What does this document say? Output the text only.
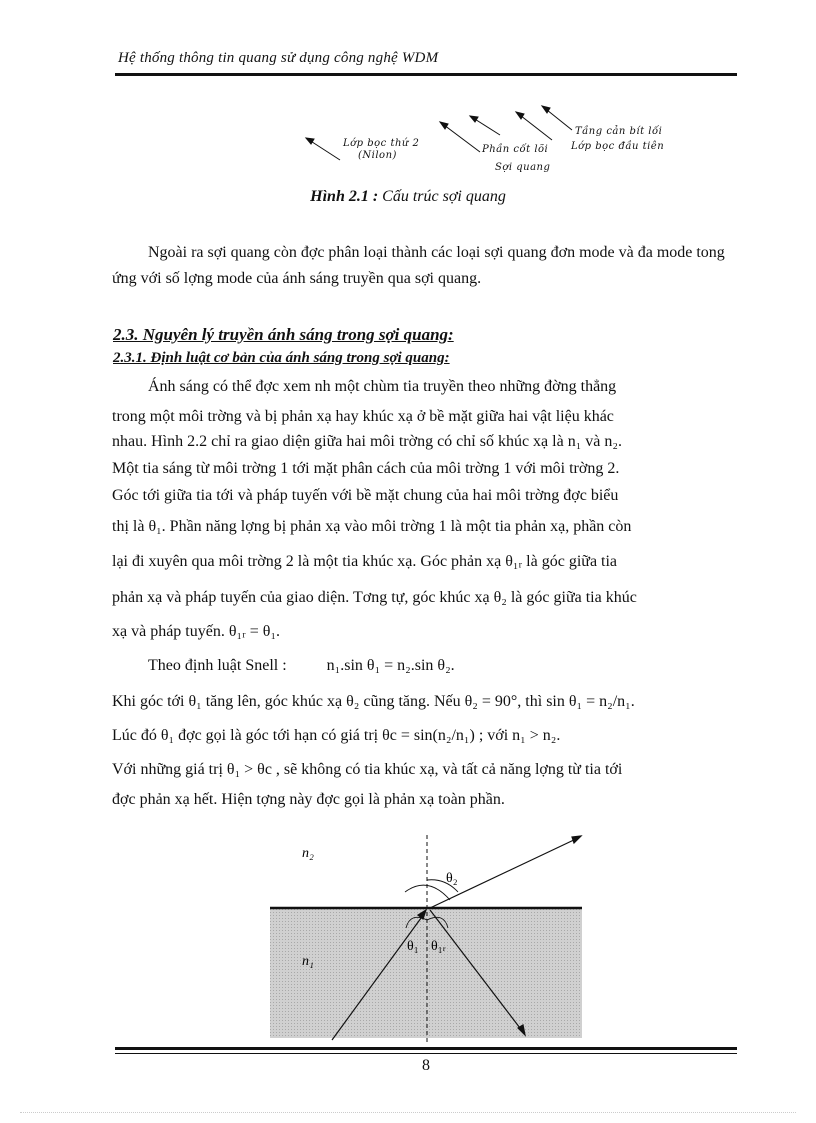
Hệ thống thông tin quang sử dụng công nghệ WDM
Lớp bọc thứ 2
(Nilon)
Phần cốt lõi
Sợi quang
Tầng cản bít lối
Lớp bọc đầu tiên
Hình 2.1 : Cấu trúc sợi quang
Ngoài ra sợi quang còn đợc phân loại thành các loại sợi quang đơn mode và đa mode tong ứng với số lợng mode của ánh sáng truyền qua sợi quang.
2.3. Nguyên lý truyền ánh sáng trong sợi quang:
2.3.1. Định luật cơ bản của ánh sáng trong sợi quang:
Ánh sáng có thể đợc xem nh một chùm tia truyền theo những đờng thẳng
trong một môi trờng và bị phản xạ hay khúc xạ ở bề mặt giữa hai vật liệu khác
nhau. Hình 2.2 chỉ ra giao diện giữa hai môi trờng có chỉ số khúc xạ là n₁ và n₂.
Một tia sáng từ môi trờng 1 tới mặt phân cách của môi trờng 1 với môi trờng 2.
Góc tới giữa tia tới và pháp tuyến với bề mặt chung của hai môi trờng đợc biểu
thị là θ₁. Phần năng lợng bị phản xạ vào môi trờng 1 là một tia phản xạ, phần còn
lại đi xuyên qua môi trờng 2 là một tia khúc xạ. Góc phản xạ θ₁ᵣ là góc giữa tia
phản xạ và pháp tuyến của giao diện. Tơng tự, góc khúc xạ θ₂ là góc giữa tia khúc
xạ và pháp tuyến. θ₁ᵣ = θ₁.
Theo định luật Snell :          n₁.sin θ₁ = n₂.sin θ₂.
Khi góc tới θ₁ tăng lên, góc khúc xạ θ₂ cũng tăng. Nếu θ₂ = 90°, thì sin θ₁ = n₂/n₁.
Lúc đó θ₁ đợc gọi là góc tới hạn có giá trị θc = sin(n₂/n₁) ; với n₁ > n₂.
Với những giá trị θ₁ > θc , sẽ không có tia khúc xạ, và tất cả năng lợng từ tia tới
đợc phản xạ hết. Hiện tợng này đợc gọi là phản xạ toàn phần.
n₂
n₁
θ₂
θ₁ θ₁ᵣ
8
